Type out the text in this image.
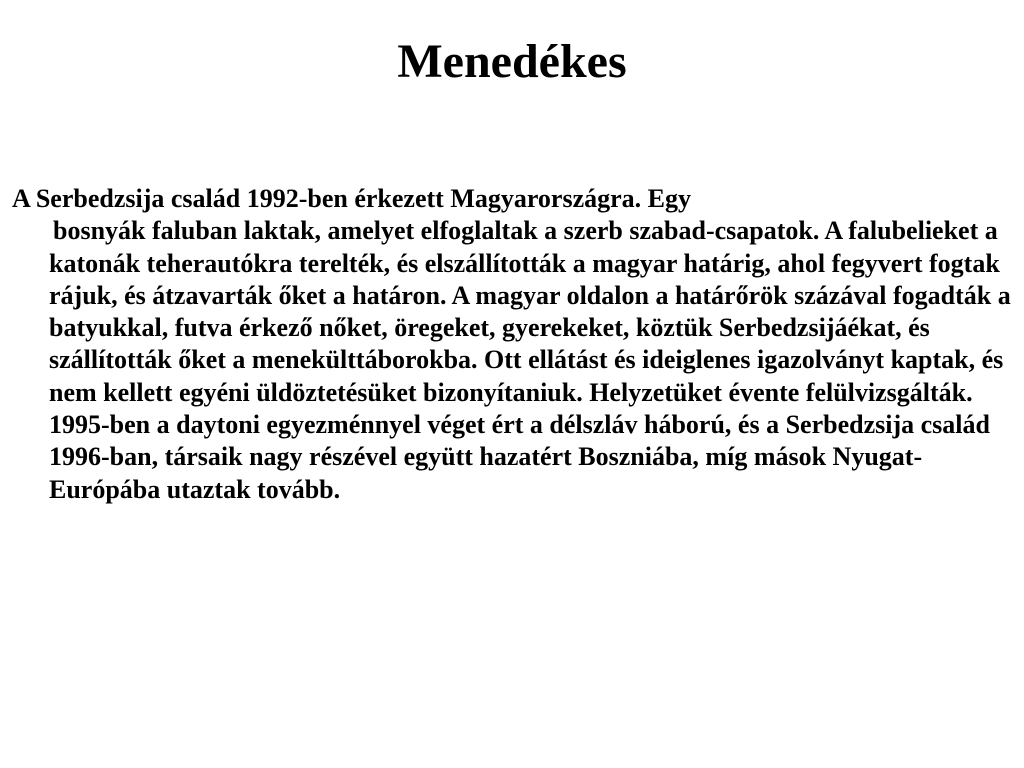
Menedékes
A Serbedzsija család 1992-ben érkezett Magyarországra. Egy
bosnyák faluban laktak, amelyet elfoglaltak a szerb szabad-csapatok. A falubelieket a katonák teherautókra terelték, és elszállították a magyar határig, ahol fegyvert fogtak rájuk, és átzavarták őket a határon. A magyar oldalon a határőrök százával fogadták a batyukkal, futva érkező nőket, öregeket, gyerekeket, köztük Serbedzsijáékat, és szállították őket a menekülttáborokba. Ott ellátást és ideiglenes igazolványt kaptak, és nem kellett egyéni üldöztetésüket bizonyítaniuk. Helyzetüket évente felülvizsgálták. 1995-ben a daytoni egyezménnyel véget ért a délszláv háború, és a Serbedzsija család 1996-ban, társaik nagy részével együtt hazatért Boszniába, míg mások Nyugat-Európába utaztak tovább.
